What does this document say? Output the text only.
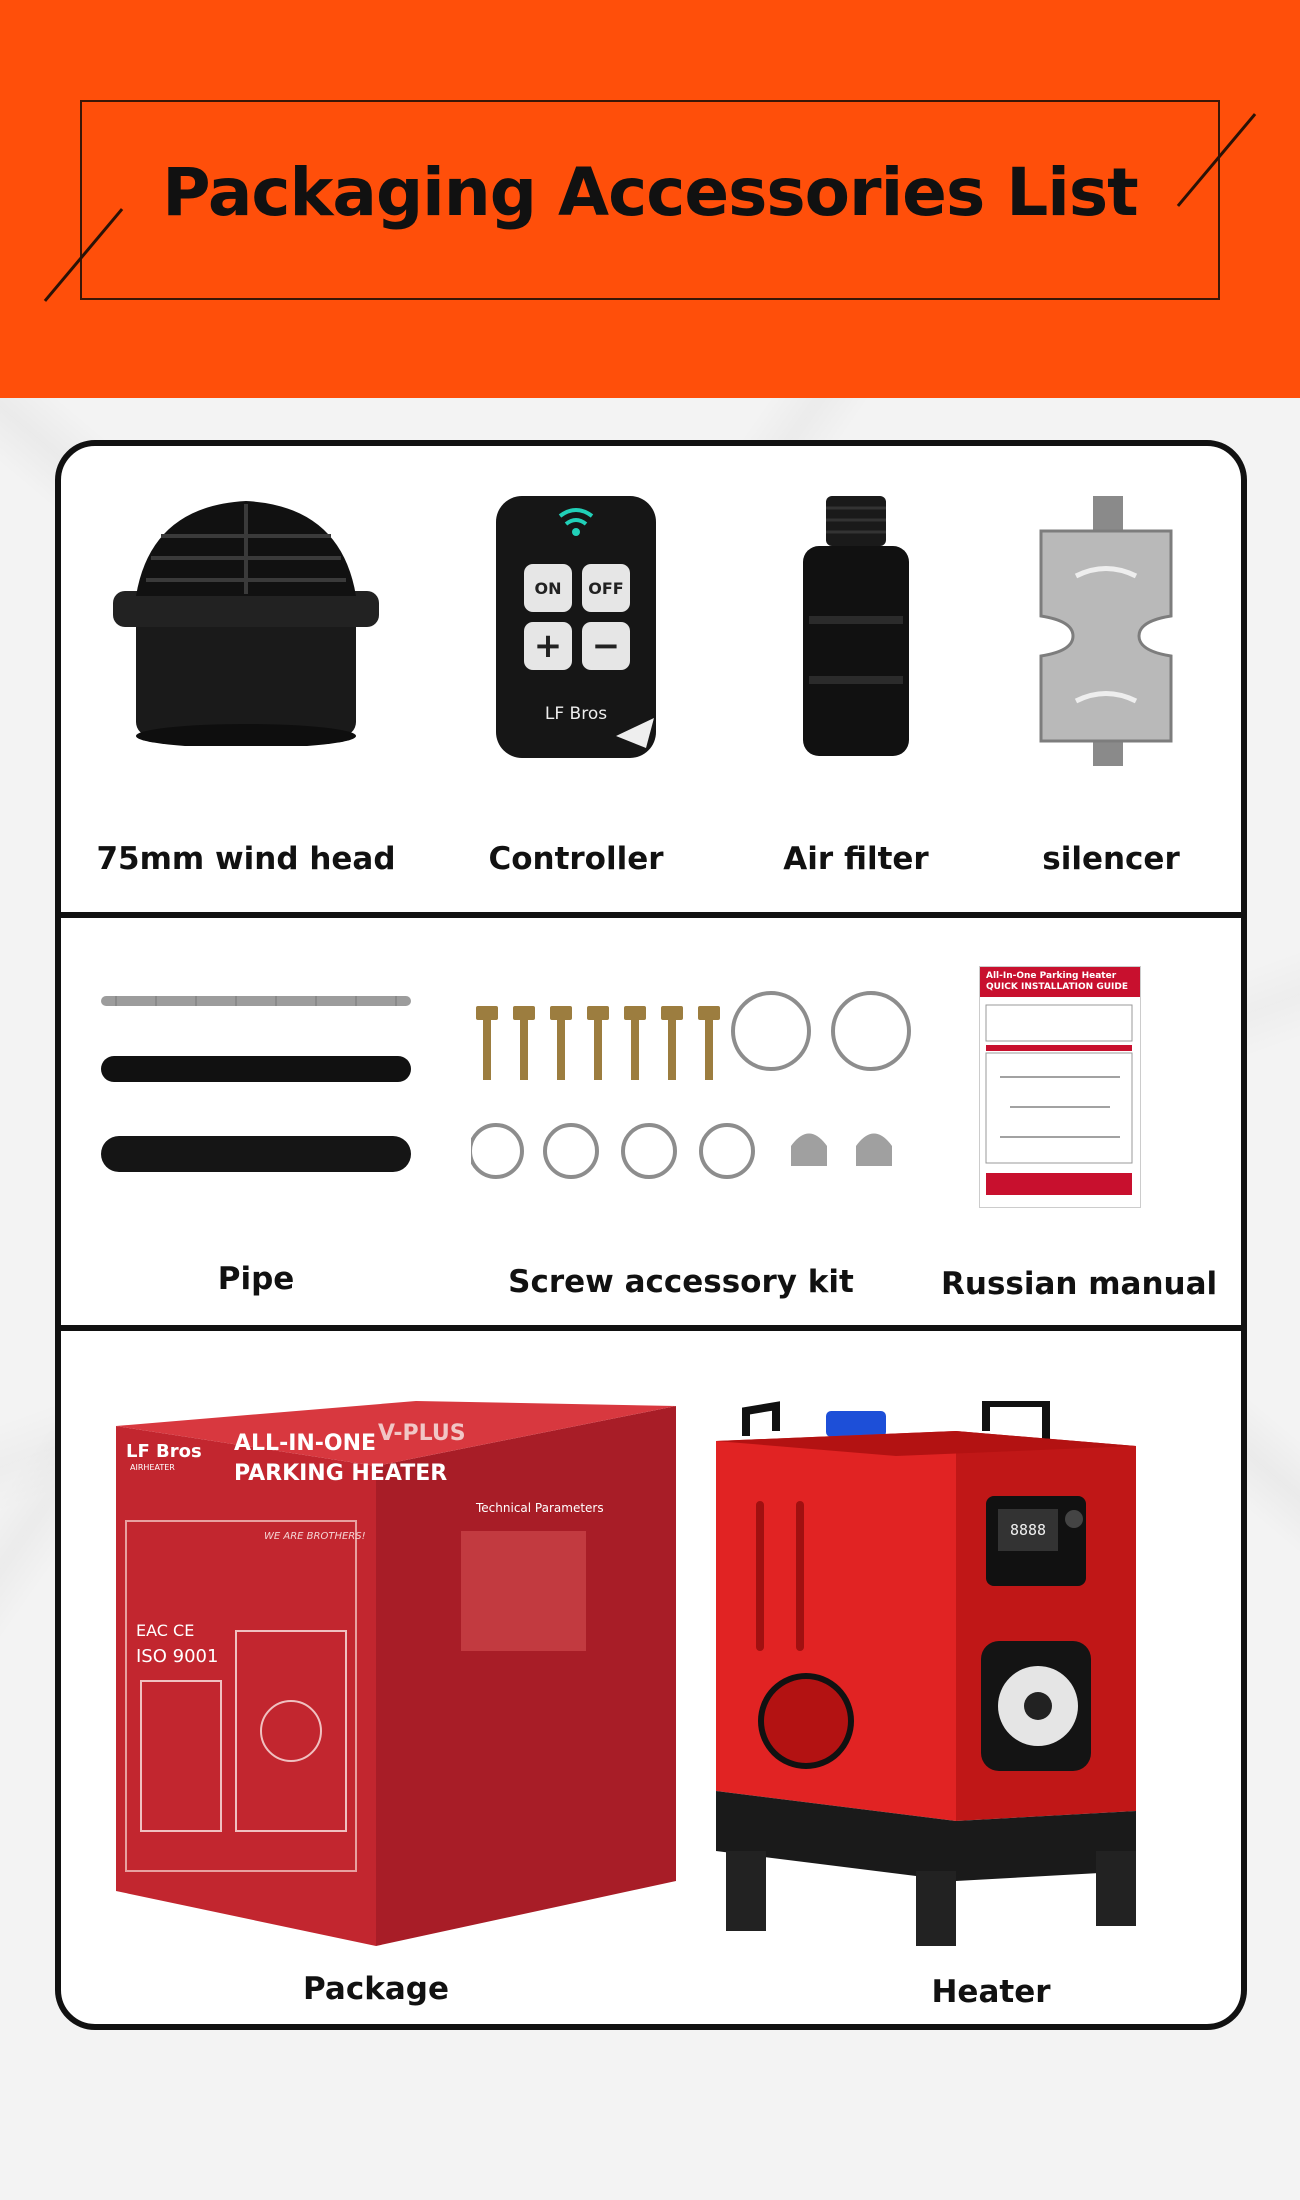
Packaging Accessories List
75mm wind head
ON	OFF
+ −
LF Bros
Controller	Air filter	silencer
Pipe	Screw accessory kit
All-In-One Parking Heater
QUICK INSTALLATION GUIDE
Russian manual
LF Bros
AIRHEATER
ALL-IN-ONE
PARKING HEATER
V-PLUS
WE ARE BROTHERS!
Technical Parameters
EAC CE
ISO 9001
Package
8888
Heater
